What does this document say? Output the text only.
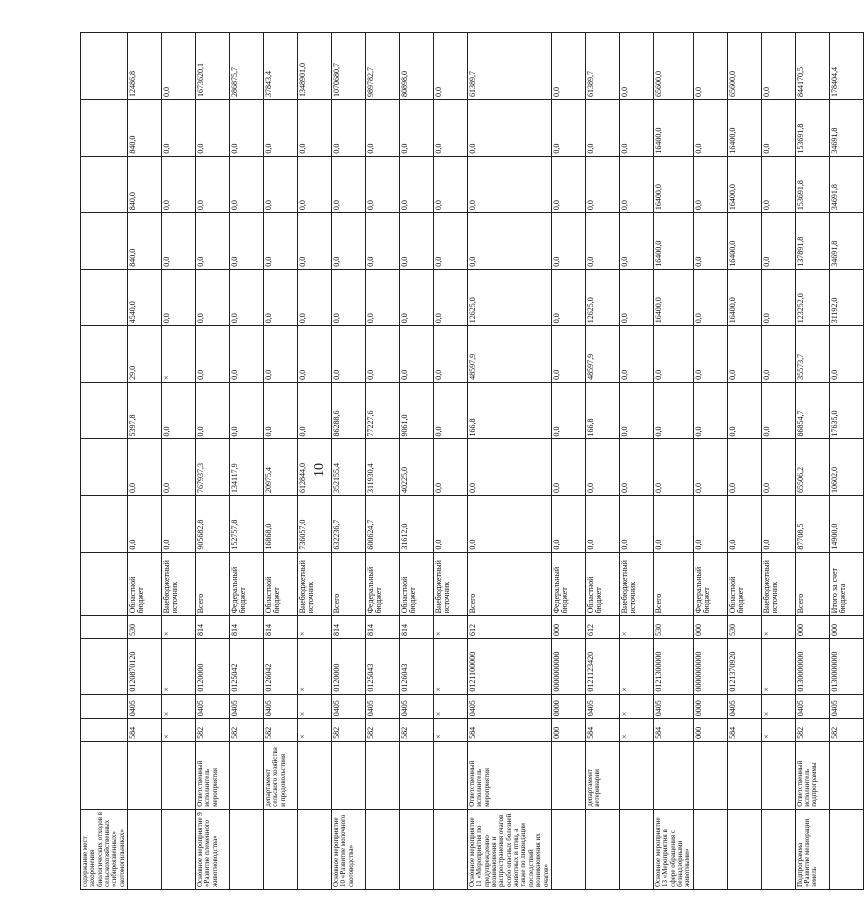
10
содержание мест захоронения биологических отходов в сельскохозяйственных «сибиреязвенных» скотомогильниках»															
		584	0405	0120870120	530	Областной бюджет	0,0	0,0	5397,8	29,0	4540,0	840,0	840,0	840,0	12486,8
		×	×	×	×	Внебюджетный источник	0,0	0,0	0,0	×	0,0	0,0	0,0	0,0	0,0
Основное мероприятие 9 «Развитие племенного животноводства»	Ответственный исполнитель мероприятия	582	0405	0120000	814	Всего	905682,8	767937,3	0,0	0,0	0,0	0,0	0,0	0,0	1673620,1
		582	0405	0125042	814	Федеральный бюджет	152757,8	134117,9	0,0	0,0	0,0	0,0	0,0	0,0	286875,7
	департамент сельского хозяйства и продовольствия	582	0405	0126042	814	Областной бюджет	16868,0	20975,4	0,0	0,0	0,0	0,0	0,0	0,0	37843,4
		×	×	×	×	Внебюджетный источник	736057,0	612844,0	0,0	0,0	0,0	0,0	0,0	0,0	1348901,0
Основное мероприятие 10 «Развитие молочного скотоводства»		582	0405	0120000	814	Всего	632236,7	352155,4	86288,6	0,0	0,0	0,0	0,0	0,0	1070680,7
		582	0405	0125043	814	Федеральный бюджет	600624,7	311930,4	77227,6	0,0	0,0	0,0	0,0	0,0	989782,7
		582	0405	0126043	814	Областной бюджет	31612,0	40225,0	9061,0	0,0	0,0	0,0	0,0	0,0	80898,0
		×	×	×	×	Внебюджетный источник	0,0	0,0	0,0	0,0	0,0	0,0	0,0	0,0	0,0
Основное мероприятие 11 «Мероприятия по предупреждению возникновения и распространения очагов особо опасных болезней животных и птиц, а также по ликвидации последствий возникновения их очагов»	Ответственный исполнитель мероприятия	584	0405	0121100000	612	Всего	0,0	0,0	166,8	48597,9	12625,0	0,0	0,0	0,0	61389,7
		000	0000	0000000000	000	Федеральный бюджет	0,0	0,0	0,0	0,0	0,0	0,0	0,0	0,0	0,0
	департамент ветеринарии	584	0405	0121123420	612	Областной бюджет	0,0	0,0	166,8	48597,9	12625,0	0,0	0,0	0,0	61389,7
		×	×	×	×	Внебюджетный источник	0,0	0,0	0,0	0,0	0,0	0,0	0,0	0,0	0,0
Основное мероприятие 13 «Мероприятия в сфере обращения с безнадзорными животными»		584	0405	0121300000	530	Всего	0,0	0,0	0,0	0,0	16400,0	16400,0	16400,0	16400,0	65600,0
		000	0000	0000000000	000	Федеральный бюджет	0,0	0,0	0,0	0,0	0,0	0,0	0,0	0,0	0,0
		584	0405	0121370920	530	Областной бюджет	0,0	0,0	0,0	0,0	16400,0	16400,0	16400,0	16400,0	65600,0
		×	×	×	×	Внебюджетный источник	0,0	0,0	0,0	0,0	0,0	0,0	0,0	0,0	0,0
Подпрограмма «Развитие мелиорации земель	Ответственный исполнитель подпрограммы	582	0405	0130000000	000	Всего	87708,5	65506,2	86854,7	35573,7	123252,0	137891,8	153691,8	153691,8	844170,5
		582	0405	0130000000	000	Итого за счет бюджета	14900,0	10602,0	17635,0	0,0	31192,0	34691,8	34691,8	34691,8	178404,4
